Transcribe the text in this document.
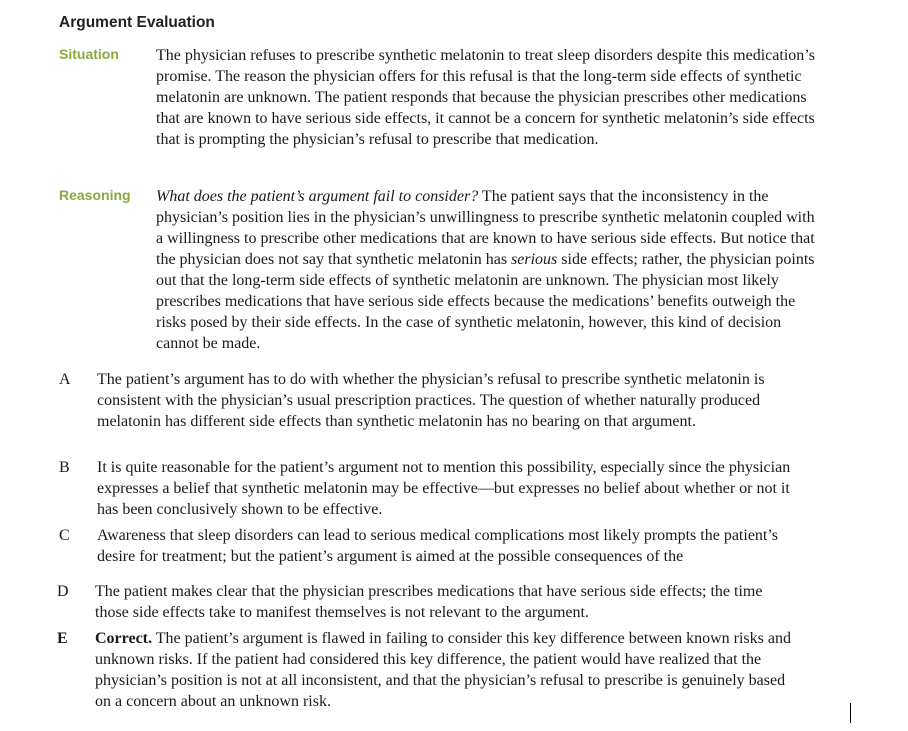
Argument Evaluation
Situation The physician refuses to prescribe synthetic melatonin to treat sleep disorders despite this medication’s promise. The reason the physician offers for this refusal is that the long-term side effects of synthetic melatonin are unknown. The patient responds that because the physician prescribes other medications that are known to have serious side effects, it cannot be a concern for synthetic melatonin’s side effects that is prompting the physician’s refusal to prescribe that medication.
Reasoning What does the patient’s argument fail to consider? The patient says that the inconsistency in the physician’s position lies in the physician’s unwillingness to prescribe synthetic melatonin coupled with a willingness to prescribe other medications that are known to have serious side effects. But notice that the physician does not say that synthetic melatonin has serious side effects; rather, the physician points out that the long-term side effects of synthetic melatonin are unknown. The physician most likely prescribes medications that have serious side effects because the medications’ benefits outweigh the risks posed by their side effects. In the case of synthetic melatonin, however, this kind of decision cannot be made.
A The patient’s argument has to do with whether the physician’s refusal to prescribe synthetic melatonin is consistent with the physician’s usual prescription practices. The question of whether naturally produced melatonin has different side effects than synthetic melatonin has no bearing on that argument.
B It is quite reasonable for the patient’s argument not to mention this possibility, especially since the physician expresses a belief that synthetic melatonin may be effective—but expresses no belief about whether or not it has been conclusively shown to be effective.
C Awareness that sleep disorders can lead to serious medical complications most likely prompts the patient’s desire for treatment; but the patient’s argument is aimed at the possible consequences of the
D The patient makes clear that the physician prescribes medications that have serious side effects; the time those side effects take to manifest themselves is not relevant to the argument.
E Correct. The patient’s argument is flawed in failing to consider this key difference between known risks and unknown risks. If the patient had considered this key difference, the patient would have realized that the physician’s position is not at all inconsistent, and that the physician’s refusal to prescribe is genuinely based on a concern about an unknown risk.
